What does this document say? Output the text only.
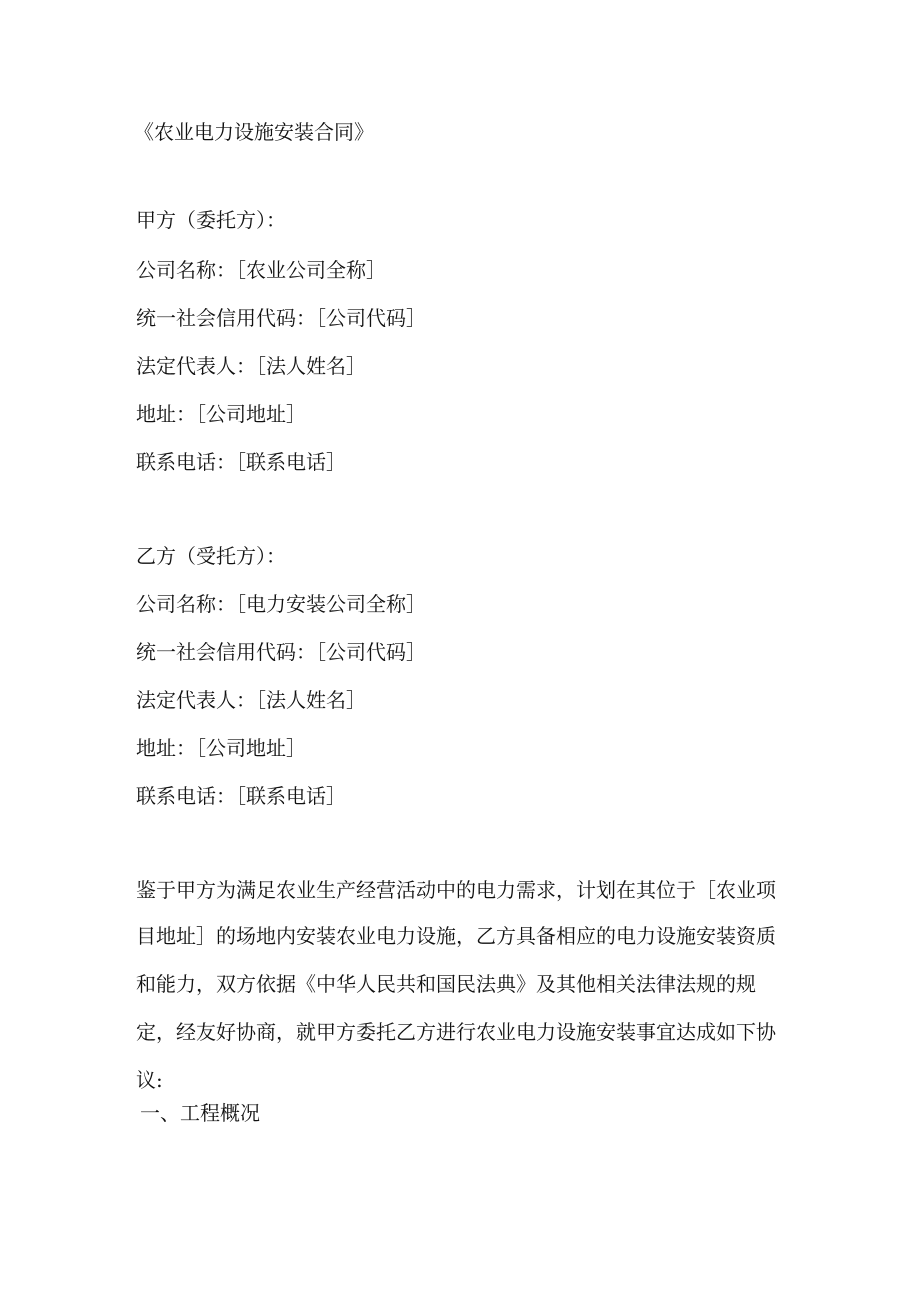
《农业电力设施安装合同》
甲方（委托方）：
公司名称：［农业公司全称］
统一社会信用代码：［公司代码］
法定代表人：［法人姓名］
地址：［公司地址］
联系电话：［联系电话］
乙方（受托方）：
公司名称：［电力安装公司全称］
统一社会信用代码：［公司代码］
法定代表人：［法人姓名］
地址：［公司地址］
联系电话：［联系电话］
鉴于甲方为满足农业生产经营活动中的电力需求，计划在其位于［农业项
目地址］的场地内安装农业电力设施，乙方具备相应的电力设施安装资质
和能力，双方依据《中华人民共和国民法典》及其他相关法律法规的规
定，经友好协商，就甲方委托乙方进行农业电力设施安装事宜达成如下协
议:
一、工程概况
